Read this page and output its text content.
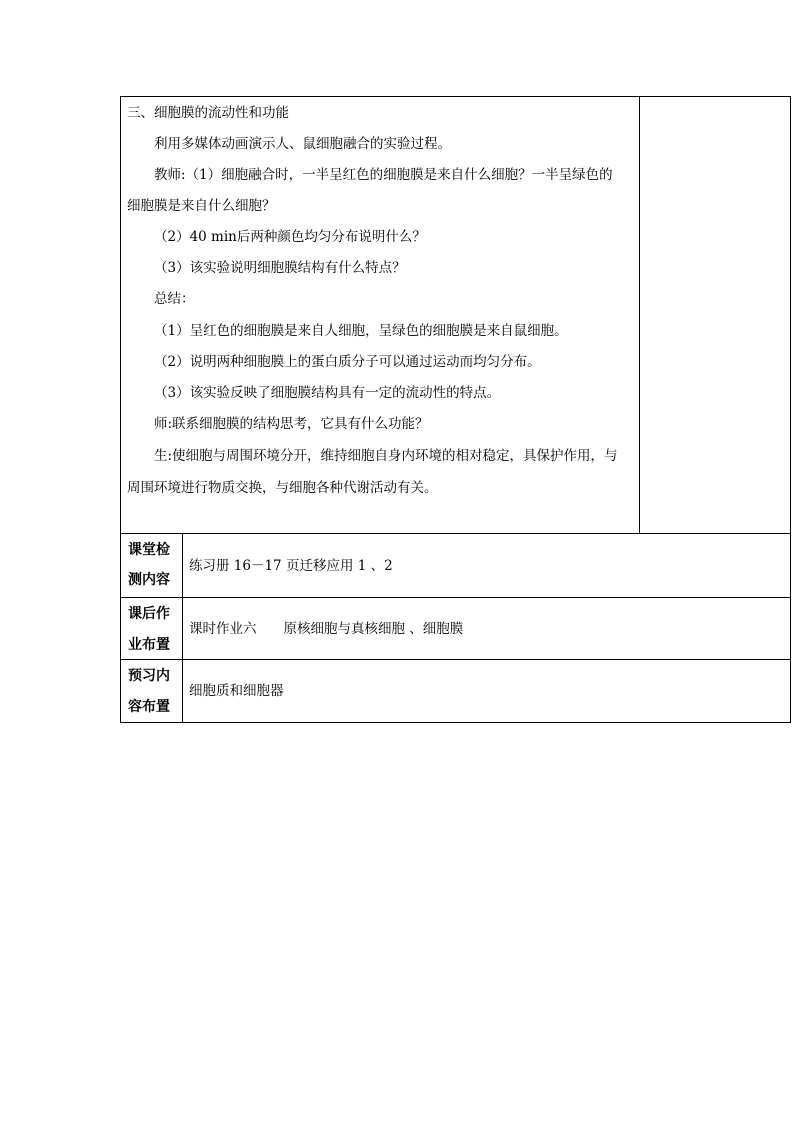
三、细胞膜的流动性和功能
利用多媒体动画演示人、鼠细胞融合的实验过程。
教师:（1）细胞融合时，一半呈红色的细胞膜是来自什么细胞？一半呈绿色的
细胞膜是来自什么细胞？
（2）40 min后两种颜色均匀分布说明什么？
（3）该实验说明细胞膜结构有什么特点？
总结：
（1）呈红色的细胞膜是来自人细胞，呈绿色的细胞膜是来自鼠细胞。
（2）说明两种细胞膜上的蛋白质分子可以通过运动而均匀分布。
（3）该实验反映了细胞膜结构具有一定的流动性的特点。
师:联系细胞膜的结构思考，它具有什么功能？
生:使细胞与周围环境分开，维持细胞自身内环境的相对稳定，具保护作用，与
周围环境进行物质交换，与细胞各种代谢活动有关。
课堂检
测内容
练习册 16－17 页迁移应用 1 、2
课后作
业布置
课时作业六　　原核细胞与真核细胞 、细胞膜
预习内
容布置
细胞质和细胞器
